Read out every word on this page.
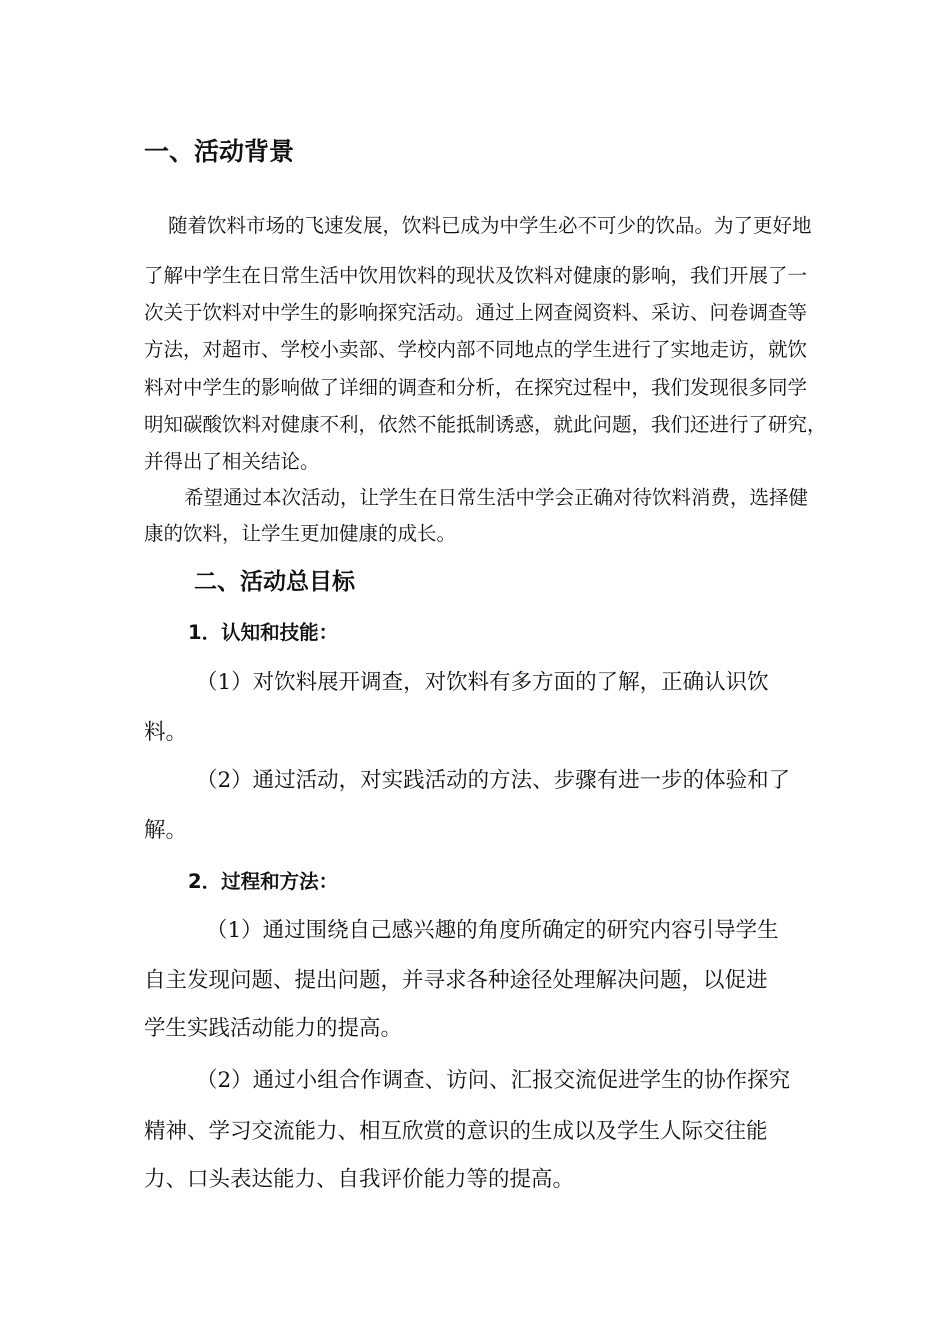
一、活动背景
随着饮料市场的飞速发展，饮料已成为中学生必不可少的饮品。为了更好地
了解中学生在日常生活中饮用饮料的现状及饮料对健康的影响，我们开展了一
次关于饮料对中学生的影响探究活动。通过上网查阅资料、采访、问卷调查等
方法，对超市、学校小卖部、学校内部不同地点的学生进行了实地走访，就饮
料对中学生的影响做了详细的调查和分析，在探究过程中，我们发现很多同学
明知碳酸饮料对健康不利，依然不能抵制诱惑，就此问题，我们还进行了研究，
并得出了相关结论。
希望通过本次活动，让学生在日常生活中学会正确对待饮料消费，选择健
康的饮料，让学生更加健康的成长。
二、活动总目标
1．认知和技能：
（1）对饮料展开调查，对饮料有多方面的了解，正确认识饮
料。
（2）通过活动，对实践活动的方法、步骤有进一步的体验和了
解。
2．过程和方法：
（1）通过围绕自己感兴趣的角度所确定的研究内容引导学生
自主发现问题、提出问题，并寻求各种途径处理解决问题，以促进
学生实践活动能力的提高。
（2）通过小组合作调查、访问、汇报交流促进学生的协作探究
精神、学习交流能力、相互欣赏的意识的生成以及学生人际交往能
力、口头表达能力、自我评价能力等的提高。
